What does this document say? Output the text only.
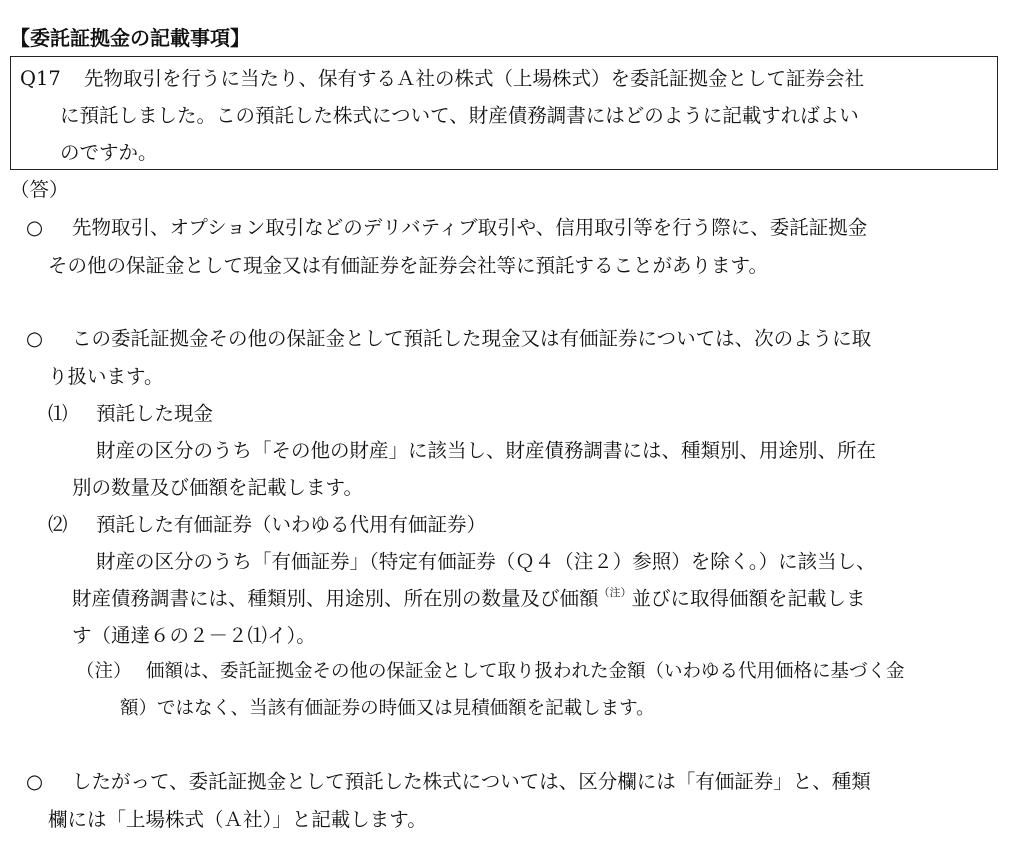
【委託証拠金の記載事項】
Q17 先物取引を行うに当たり、保有するＡ社の株式（上場株式）を委託証拠金として証券会社
に預託しました。この預託した株式について、財産債務調書にはどのように記載すればよい
のですか。
（答）
○ 先物取引、オプション取引などのデリバティブ取引や、信用取引等を行う際に、委託証拠金
その他の保証金として現金又は有価証券を証券会社等に預託することがあります。
○ この委託証拠金その他の保証金として預託した現金又は有価証券については、次のように取
り扱います。
⑴ 預託した現金
財産の区分のうち「その他の財産」に該当し、財産債務調書には、種類別、用途別、所在
別の数量及び価額を記載します。
⑵ 預託した有価証券（いわゆる代用有価証券）
財産の区分のうち「有価証券」（特定有価証券（Ｑ４（注２）参照）を除く。）に該当し、
財産債務調書には、種類別、用途別、所在別の数量及び価額$^{(注)}$並びに取得価額を記載しま
す（通達６の２－２⑴イ）。
（注） 価額は、委託証拠金その他の保証金として取り扱われた金額（いわゆる代用価格に基づく金
額）ではなく、当該有価証券の時価又は見積価額を記載します。
○ したがって、委託証拠金として預託した株式については、区分欄には「有価証券」と、種類
欄には「上場株式（Ａ社）」と記載します。
